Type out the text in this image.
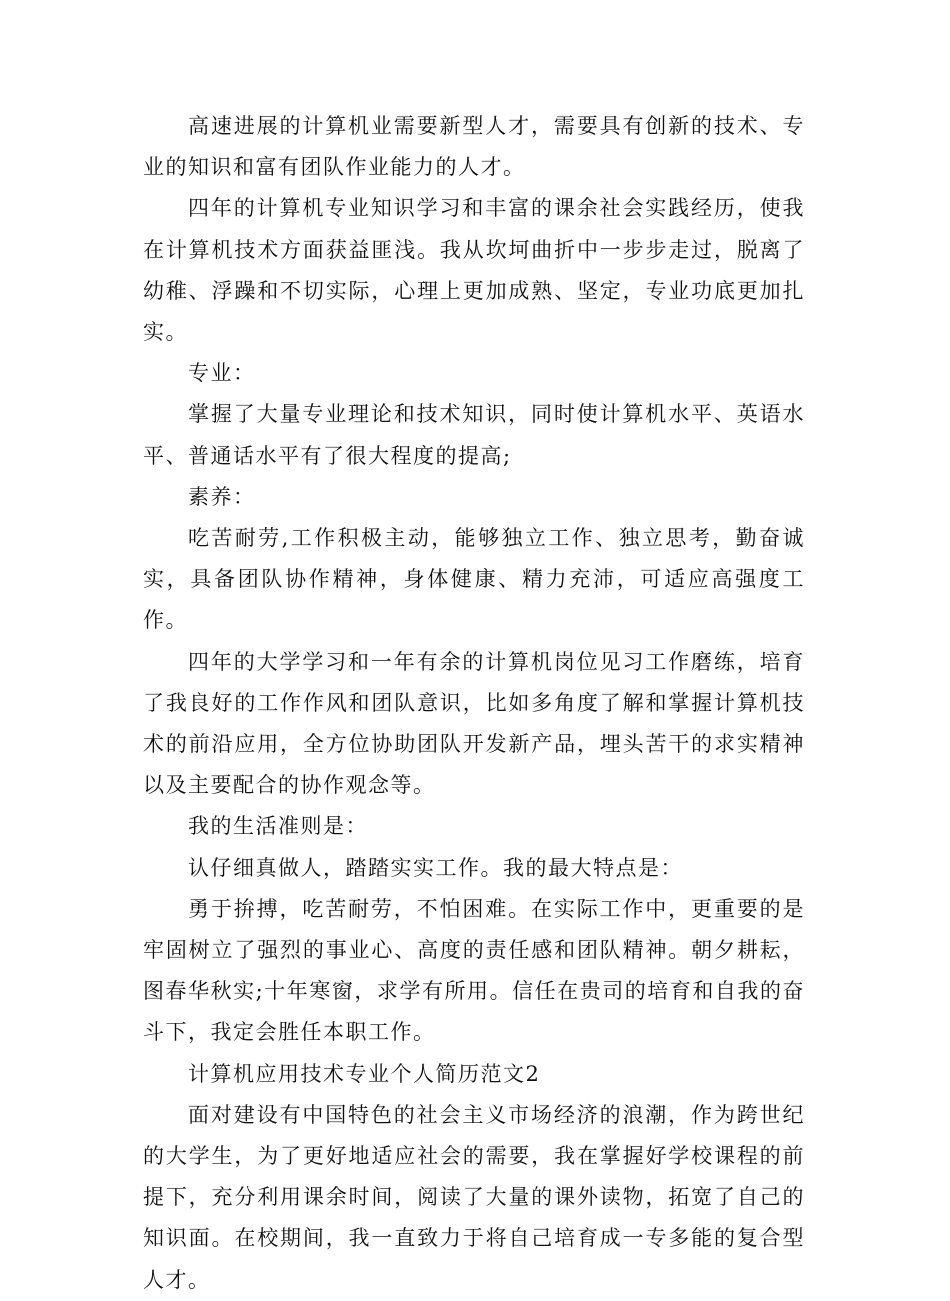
高速进展的计算机业需要新型人才，需要具有创新的技术、专业的知识和富有团队作业能力的人才。

四年的计算机专业知识学习和丰富的课余社会实践经历，使我在计算机技术方面获益匪浅。我从坎坷曲折中一步步走过，脱离了幼稚、浮躁和不切实际，心理上更加成熟、坚定，专业功底更加扎实。

专业：

掌握了大量专业理论和技术知识，同时使计算机水平、英语水平、普通话水平有了很大程度的提高;

素养：

吃苦耐劳,工作积极主动，能够独立工作、独立思考，勤奋诚实，具备团队协作精神，身体健康、精力充沛，可适应高强度工作。

四年的大学学习和一年有余的计算机岗位见习工作磨练，培育了我良好的工作作风和团队意识，比如多角度了解和掌握计算机技术的前沿应用，全方位协助团队开发新产品，埋头苦干的求实精神以及主要配合的协作观念等。

我的生活准则是：

认仔细真做人，踏踏实实工作。我的最大特点是：

勇于拚搏，吃苦耐劳，不怕困难。在实际工作中，更重要的是牢固树立了强烈的事业心、高度的责任感和团队精神。朝夕耕耘，图春华秋实;十年寒窗，求学有所用。信任在贵司的培育和自我的奋斗下，我定会胜任本职工作。

计算机应用技术专业个人简历范文2

面对建设有中国特色的社会主义市场经济的浪潮，作为跨世纪的大学生，为了更好地适应社会的需要，我在掌握好学校课程的前提下，充分利用课余时间，阅读了大量的课外读物，拓宽了自己的知识面。在校期间，我一直致力于将自己培育成一专多能的复合型人才。
